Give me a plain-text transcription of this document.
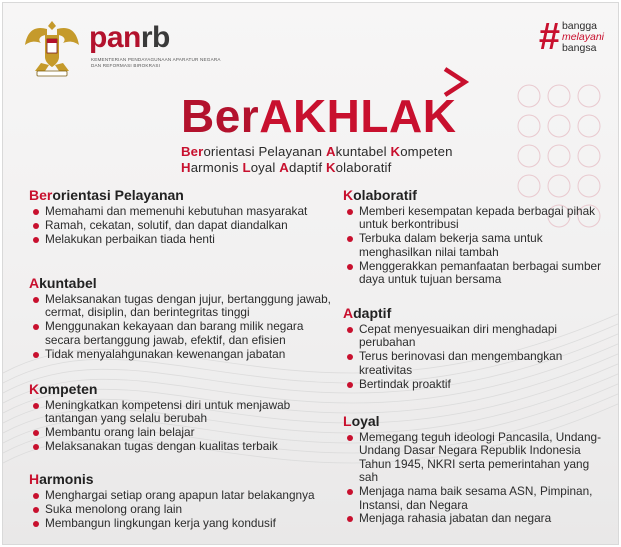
panrb
KEMENTERIAN PENDAYAGUNAAN APARATUR NEGARA DAN REFORMASI BIROKRASI
# bangga
melayani
bangsa
BerAKHLAK
Berorientasi Pelayanan Akuntabel Kompeten
Harmonis Loyal Adaptif Kolaboratif
Berorientasi Pelayanan
Memahami dan memenuhi kebutuhan masyarakat
Ramah, cekatan, solutif, dan dapat diandalkan
Melakukan perbaikan tiada henti
Akuntabel
Melaksanakan tugas dengan jujur, bertanggung jawab, cermat, disiplin, dan berintegritas tinggi
Menggunakan kekayaan dan barang milik negara secara bertanggung jawab, efektif, dan efisien
Tidak menyalahgunakan kewenangan jabatan
Kompeten
Meningkatkan kompetensi diri untuk menjawab tantangan yang selalu berubah
Membantu orang lain belajar
Melaksanakan tugas dengan kualitas terbaik
Harmonis
Menghargai setiap orang apapun latar belakangnya
Suka menolong orang lain
Membangun lingkungan kerja yang kondusif
Kolaboratif
Memberi kesempatan kepada berbagai pihak untuk berkontribusi
Terbuka dalam bekerja sama untuk menghasilkan nilai tambah
Menggerakkan pemanfaatan berbagai sumber daya untuk tujuan bersama
Adaptif
Cepat menyesuaikan diri menghadapi perubahan
Terus berinovasi dan mengembangkan kreativitas
Bertindak proaktif
Loyal
Memegang teguh ideologi Pancasila, Undang-Undang Dasar Negara Republik Indonesia Tahun 1945, NKRI serta pemerintahan yang sah
Menjaga nama baik sesama ASN, Pimpinan, Instansi, dan Negara
Menjaga rahasia jabatan dan negara
